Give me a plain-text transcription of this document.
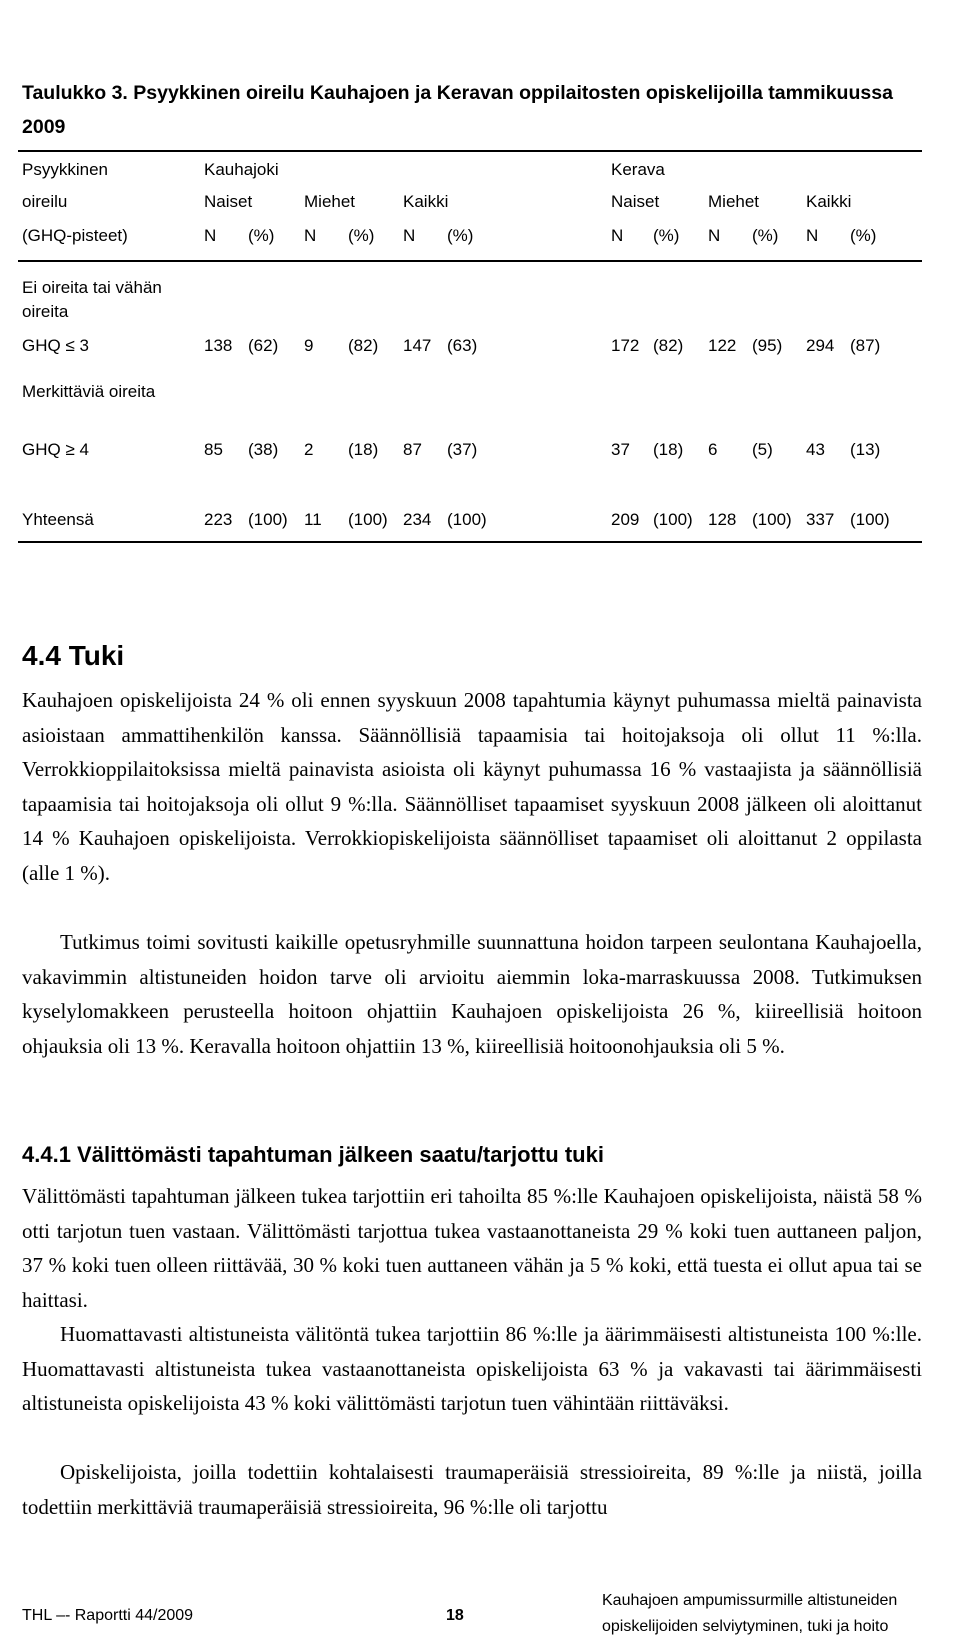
Taulukko 3. Psyykkinen oireilu Kauhajoen ja Keravan oppilaitosten opiskelijoilla tammikuussa 2009
Psyykkinen
oireilu
(GHQ-pisteet)
Kauhajoki	Kerava
Naiset	Miehet	Kaikki	Naiset	Miehet	Kaikki
N (%) N (%) N (%)	N (%) N (%) N (%)
Ei oireita tai vähän oireita
GHQ ≤ 3	138 (62) 9 (82) 147 (63)	172 (82) 122 (95) 294 (87)
Merkittäviä oireita
GHQ ≥ 4	85 (38) 2 (18) 87 (37)	37 (18) 6 (5) 43 (13)
Yhteensä	223 (100) 11 (100) 234 (100)	209 (100) 128 (100) 337 (100)
4.4 Tuki
Kauhajoen opiskelijoista 24 % oli ennen syyskuun 2008 tapahtumia käynyt puhumassa mieltä painavista asioistaan ammattihenkilön kanssa. Säännöllisiä tapaamisia tai hoitojaksoja oli ollut 11 %:lla. Verrokkioppilaitoksissa mieltä painavista asioista oli käynyt puhumassa 16 % vastaajista ja säännöllisiä tapaamisia tai hoitojaksoja oli ollut 9 %:lla. Säännölliset tapaamiset syyskuun 2008 jälkeen oli aloittanut 14 % Kauhajoen opiskelijoista. Verrokkiopiskelijoista säännölliset tapaamiset oli aloittanut 2 oppilasta (alle 1 %).
Tutkimus toimi sovitusti kaikille opetusryhmille suunnattuna hoidon tarpeen seulontana Kauhajoella, vakavimmin altistuneiden hoidon tarve oli arvioitu aiemmin loka-marraskuussa 2008. Tutkimuksen kyselylomakkeen perusteella hoitoon ohjattiin Kauhajoen opiskelijoista 26 %, kiireellisiä hoitoon ohjauksia oli 13 %. Keravalla hoitoon ohjattiin 13 %, kiireellisiä hoitoonohjauksia oli 5 %.
4.4.1 Välittömästi tapahtuman jälkeen saatu/tarjottu tuki
Välittömästi tapahtuman jälkeen tukea tarjottiin eri tahoilta 85 %:lle Kauhajoen opiskelijoista, näistä 58 % otti tarjotun tuen vastaan. Välittömästi tarjottua tukea vastaanottaneista 29 % koki tuen auttaneen paljon, 37 % koki tuen olleen riittävää, 30 % koki tuen auttaneen vähän ja 5 % koki, että tuesta ei ollut apua tai se haittasi.
Huomattavasti altistuneista välitöntä tukea tarjottiin 86 %:lle ja äärimmäisesti altistuneista 100 %:lle. Huomattavasti altistuneista tukea vastaanottaneista opiskelijoista 63 % ja vakavasti tai äärimmäisesti altistuneista opiskelijoista 43 % koki välittömästi tarjotun tuen vähintään riittäväksi.
Opiskelijoista, joilla todettiin kohtalaisesti traumaperäisiä stressioireita, 89 %:lle ja niistä, joilla todettiin merkittäviä traumaperäisiä stressioireita, 96 %:lle oli tarjottu
THL –- Raportti 44/2009	18
Kauhajoen ampumissurmille altistuneiden
opiskelijoiden selviytyminen, tuki ja hoito
